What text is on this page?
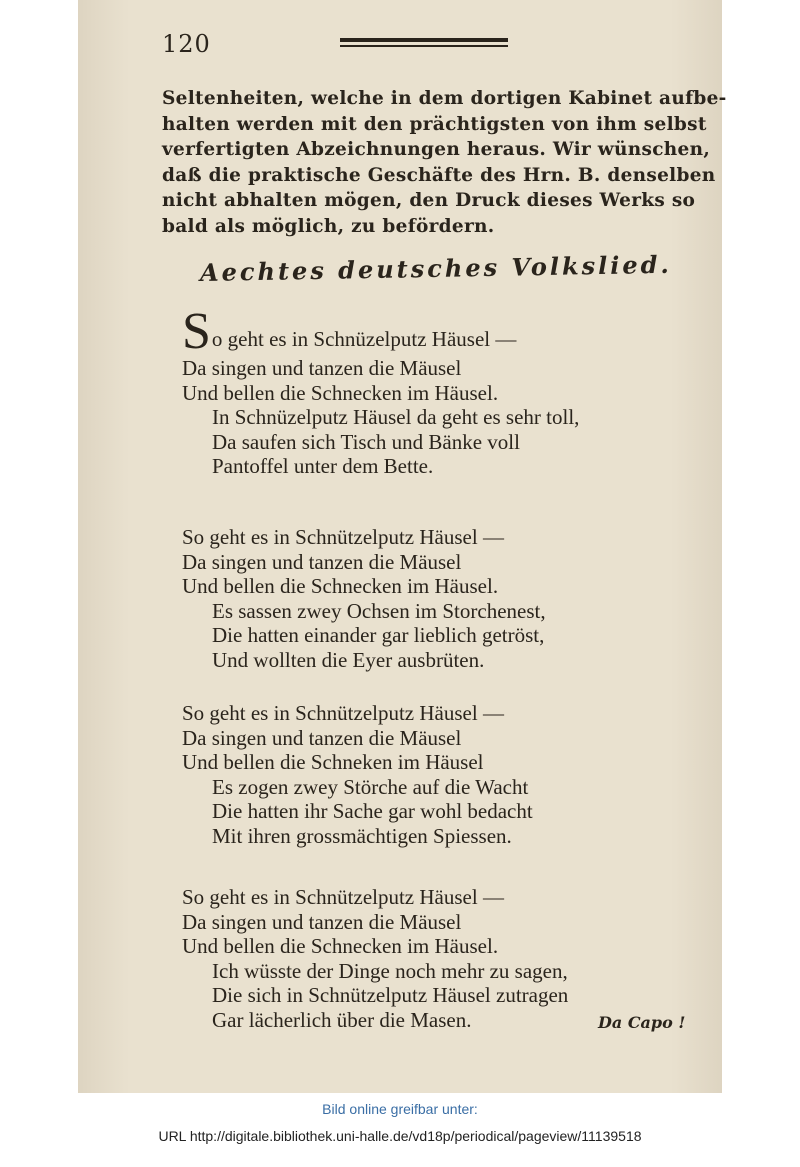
120
Seltenheiten, welche in dem dortigen Kabinet aufbe-
halten werden mit den prächtigsten von ihm selbst
verfertigten Abzeichnungen heraus. Wir wünschen,
daß die praktische Geschäfte des Hrn. B. denselben
nicht abhalten mögen, den Druck dieses Werks so
bald als möglich, zu befördern.
Aechtes deutsches Volkslied.
So geht es in Schnüzelputz Häusel —
Da singen und tanzen die Mäusel
Und bellen die Schnecken im Häusel.
In Schnüzelputz Häusel da geht es sehr toll,
Da saufen sich Tisch und Bänke voll
Pantoffel unter dem Bette.
So geht es in Schnützelputz Häusel —
Da singen und tanzen die Mäusel
Und bellen die Schnecken im Häusel.
Es sassen zwey Ochsen im Storchenest,
Die hatten einander gar lieblich getröst,
Und wollten die Eyer ausbrüten.
So geht es in Schnützelputz Häusel —
Da singen und tanzen die Mäusel
Und bellen die Schneken im Häusel
Es zogen zwey Störche auf die Wacht
Die hatten ihr Sache gar wohl bedacht
Mit ihren grossmächtigen Spiessen.
So geht es in Schnützelputz Häusel —
Da singen und tanzen die Mäusel
Und bellen die Schnecken im Häusel.
Ich wüsste der Dinge noch mehr zu sagen,
Die sich in Schnützelputz Häusel zutragen
Gar lächerlich über die Masen.	Da Capo !
Bild online greifbar unter:
URL http://digitale.bibliothek.uni-halle.de/vd18p/periodical/pageview/11139518
